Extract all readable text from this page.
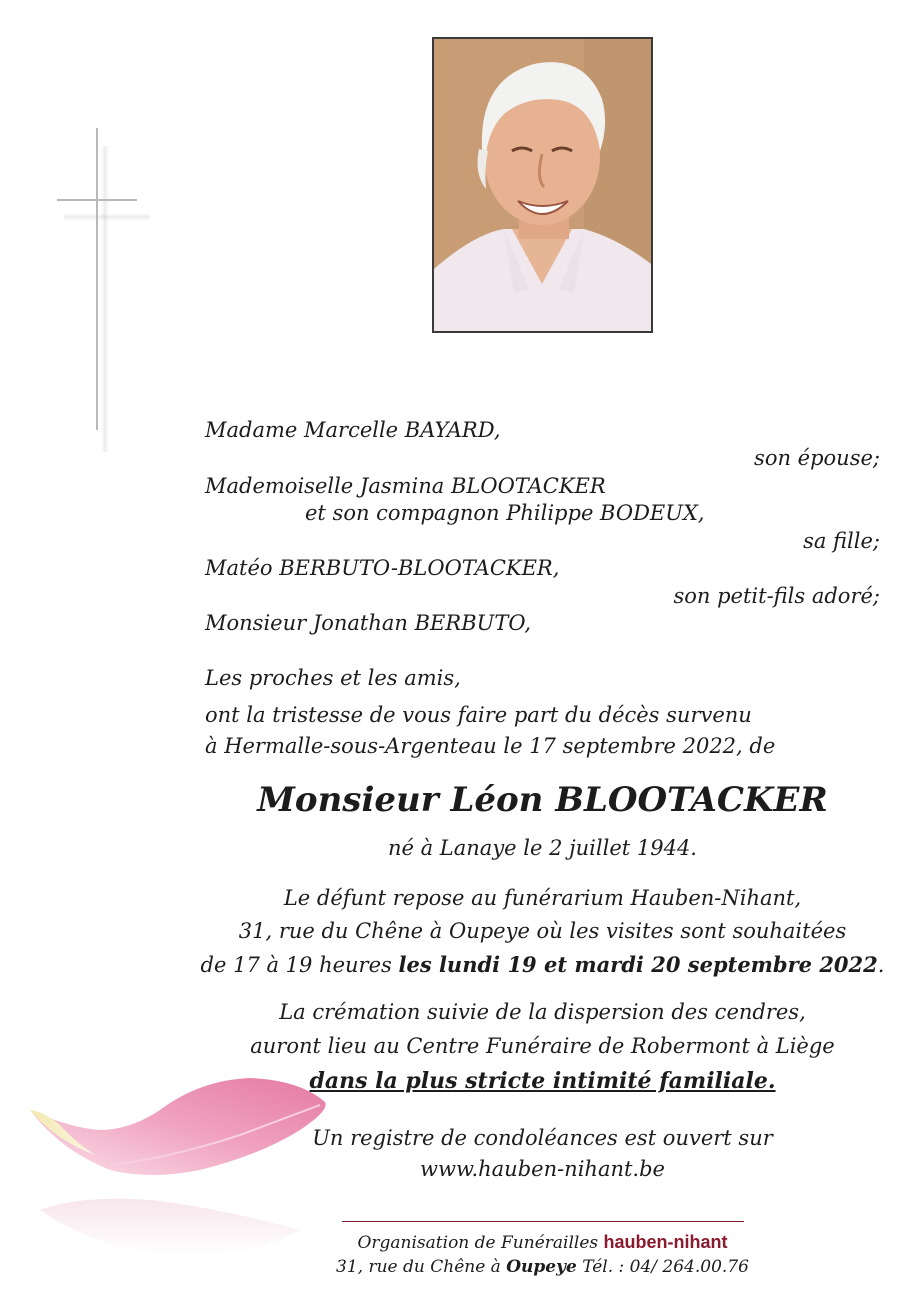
Madame Marcelle BAYARD,
son épouse;
Mademoiselle Jasmina BLOOTACKER
et son compagnon Philippe BODEUX,
sa fille;
Matéo BERBUTO-BLOOTACKER,
son petit-fils adoré;
Monsieur Jonathan BERBUTO,
Les proches et les amis,
ont la tristesse de vous faire part du décès survenu
à Hermalle-sous-Argenteau le 17 septembre 2022, de
Monsieur Léon BLOOTACKER
né à Lanaye le 2 juillet 1944.
Le défunt repose au funérarium Hauben-Nihant,
31, rue du Chêne à Oupeye où les visites sont souhaitées
de 17 à 19 heures les lundi 19 et mardi 20 septembre 2022.
La crémation suivie de la dispersion des cendres,
auront lieu au Centre Funéraire de Robermont à Liège
dans la plus stricte intimité familiale.
Un registre de condoléances est ouvert sur
www.hauben-nihant.be
Organisation de Funérailles hauben-nihant
31, rue du Chêne à Oupeye Tél. : 04/ 264.00.76
